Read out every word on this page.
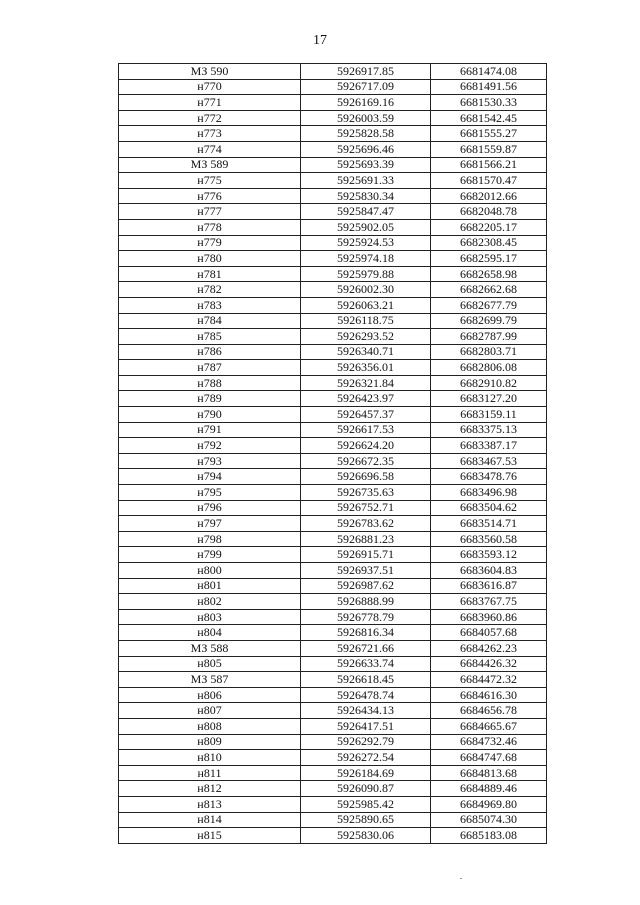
17
МЗ 590	5926917.85	6681474.08
н770	5926717.09	6681491.56
н771	5926169.16	6681530.33
н772	5926003.59	6681542.45
н773	5925828.58	6681555.27
н774	5925696.46	6681559.87
МЗ 589	5925693.39	6681566.21
н775	5925691.33	6681570.47
н776	5925830.34	6682012.66
н777	5925847.47	6682048.78
н778	5925902.05	6682205.17
н779	5925924.53	6682308.45
н780	5925974.18	6682595.17
н781	5925979.88	6682658.98
н782	5926002.30	6682662.68
н783	5926063.21	6682677.79
н784	5926118.75	6682699.79
н785	5926293.52	6682787.99
н786	5926340.71	6682803.71
н787	5926356.01	6682806.08
н788	5926321.84	6682910.82
н789	5926423.97	6683127.20
н790	5926457.37	6683159.11
н791	5926617.53	6683375.13
н792	5926624.20	6683387.17
н793	5926672.35	6683467.53
н794	5926696.58	6683478.76
н795	5926735.63	6683496.98
н796	5926752.71	6683504.62
н797	5926783.62	6683514.71
н798	5926881.23	6683560.58
н799	5926915.71	6683593.12
н800	5926937.51	6683604.83
н801	5926987.62	6683616.87
н802	5926888.99	6683767.75
н803	5926778.79	6683960.86
н804	5926816.34	6684057.68
МЗ 588	5926721.66	6684262.23
н805	5926633.74	6684426.32
МЗ 587	5926618.45	6684472.32
н806	5926478.74	6684616.30
н807	5926434.13	6684656.78
н808	5926417.51	6684665.67
н809	5926292.79	6684732.46
н810	5926272.54	6684747.68
н811	5926184.69	6684813.68
н812	5926090.87	6684889.46
н813	5925985.42	6684969.80
н814	5925890.65	6685074.30
н815	5925830.06	6685183.08
